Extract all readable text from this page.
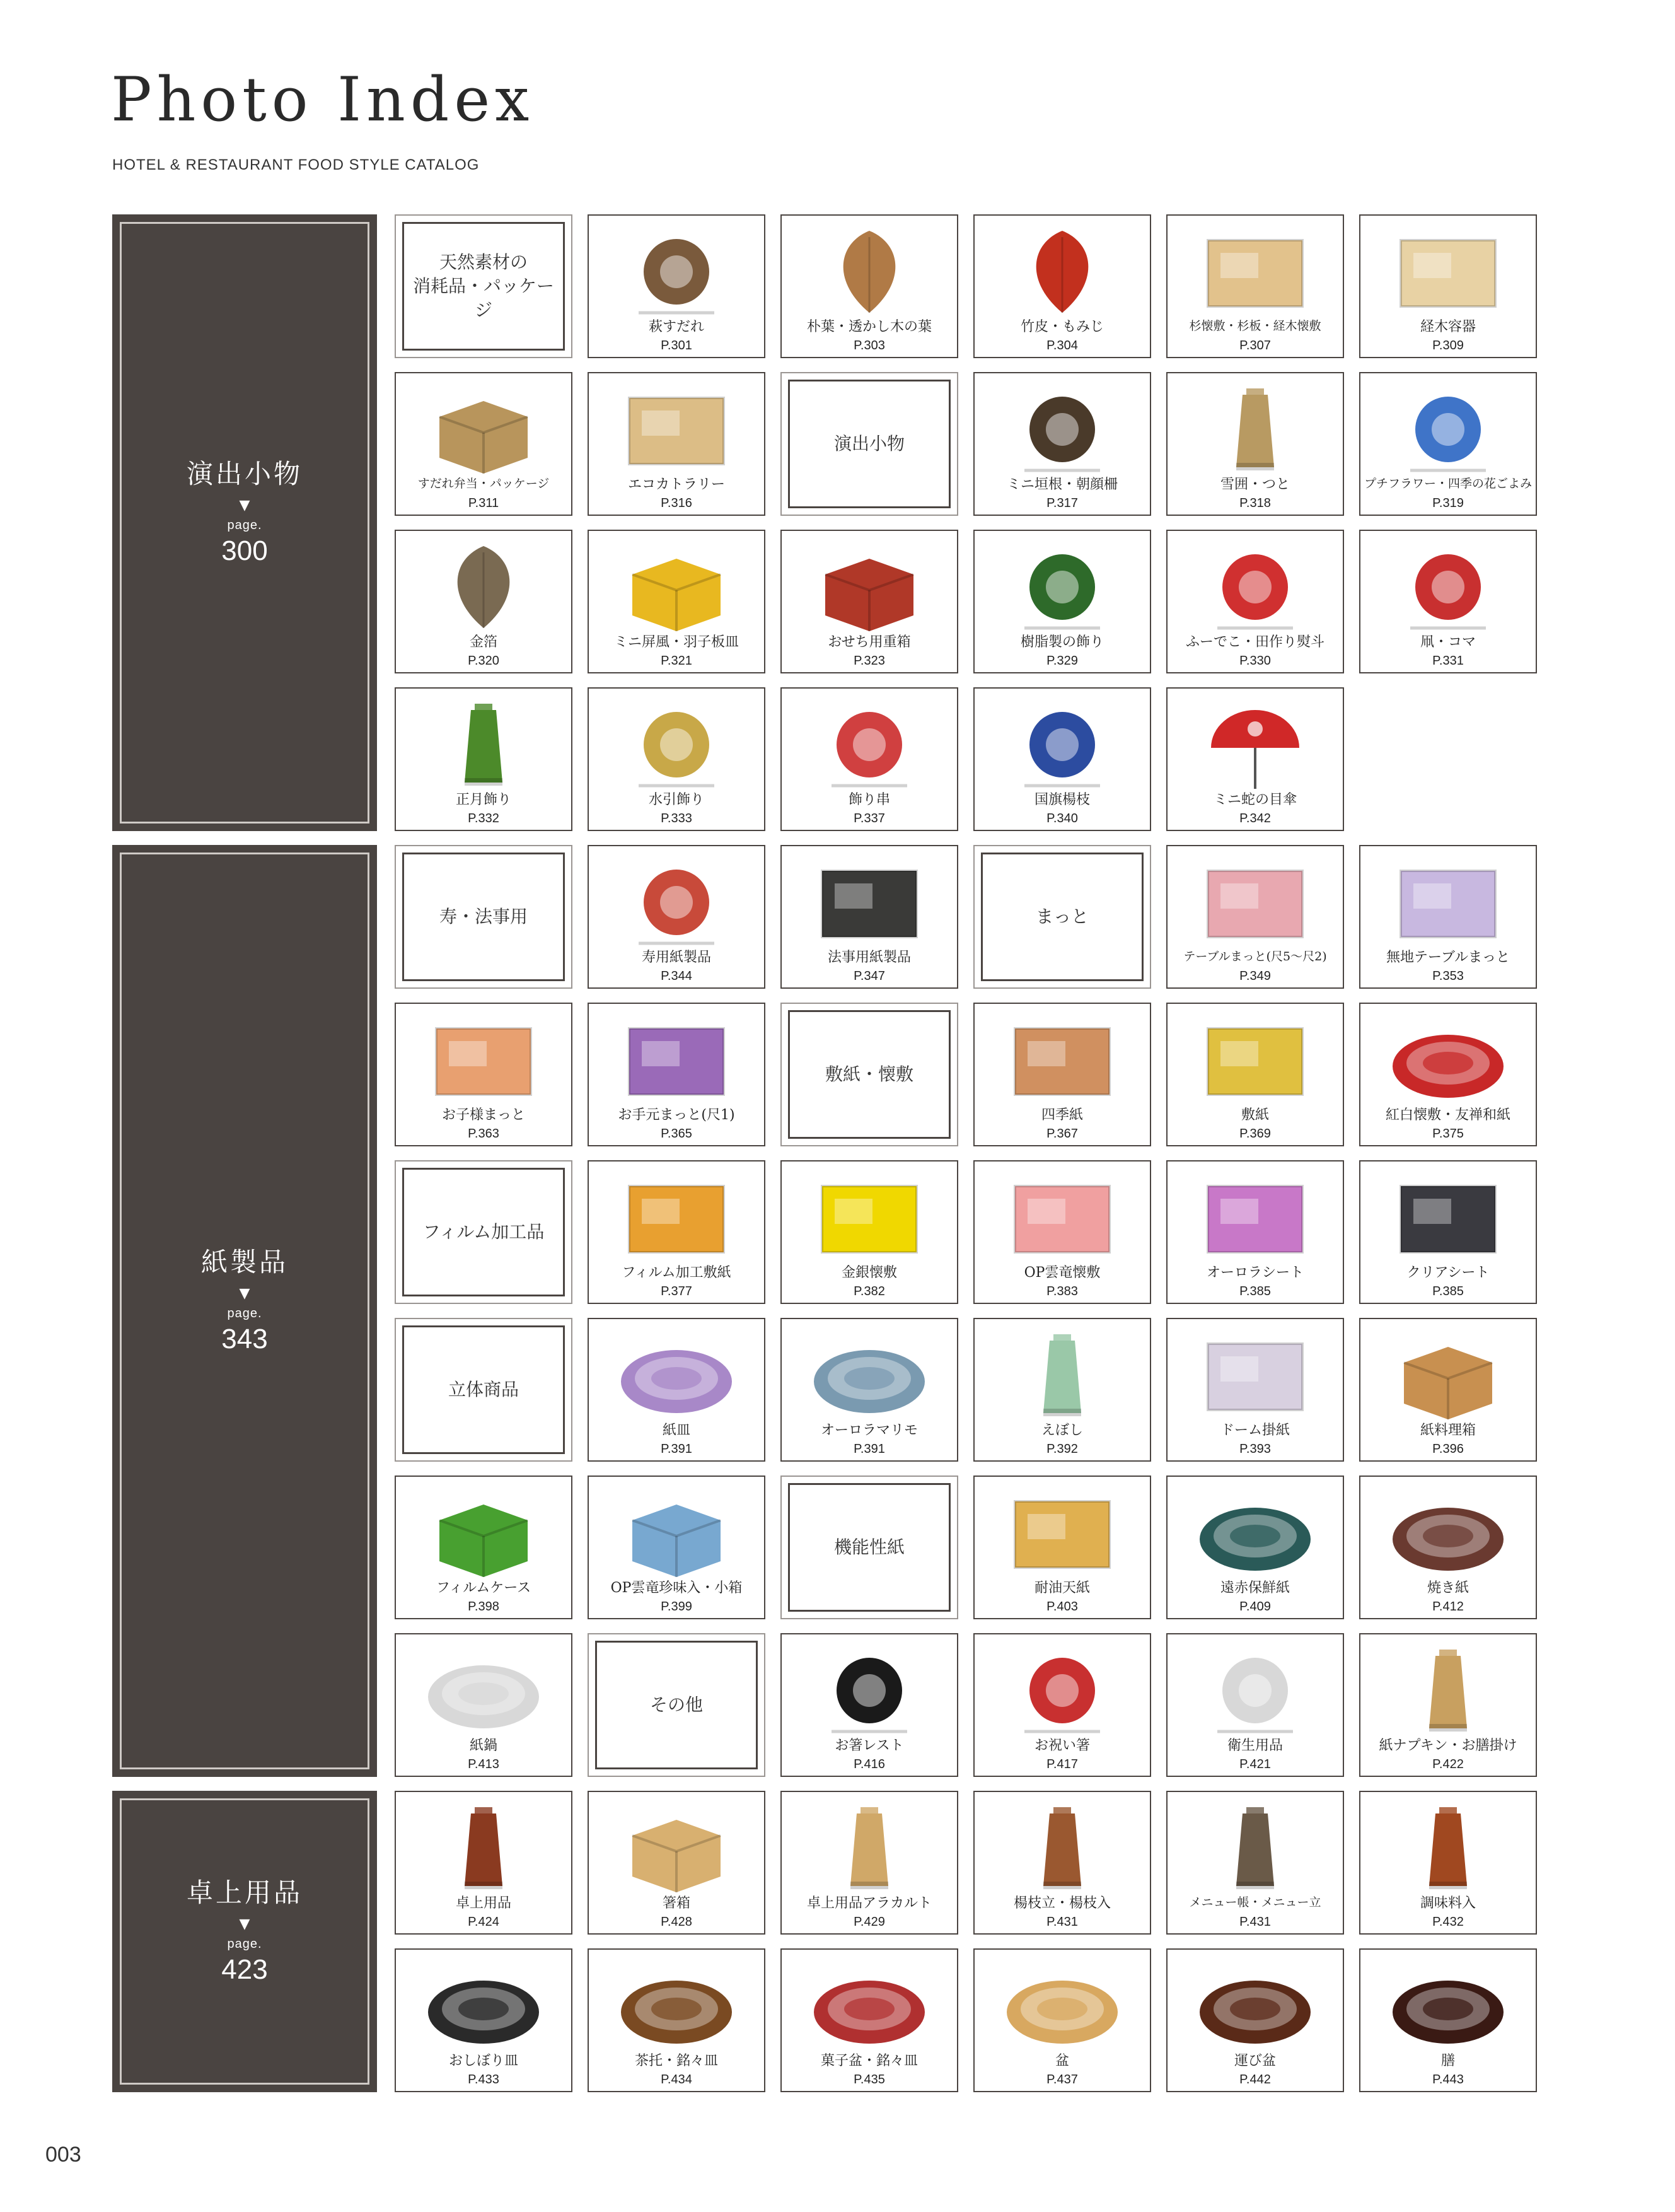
Photo Index
HOTEL & RESTAURANT FOOD STYLE CATALOG
演出小物
▼
page.
300
天然素材の
消耗品・パッケージ
萩すだれ
P.301
朴葉・透かし木の葉
P.303
竹皮・もみじ
P.304
杉懐敷・杉板・経木懐敷
P.307
経木容器
P.309
すだれ弁当・パッケージ
P.311
エコカトラリー
P.316
演出小物
ミニ垣根・朝顔柵
P.317
雪囲・つと
P.318
プチフラワー・四季の花ごよみ
P.319
金箔
P.320
ミニ屏風・羽子板皿
P.321
おせち用重箱
P.323
樹脂製の飾り
P.329
ふーでこ・田作り熨斗
P.330
凧・コマ
P.331
正月飾り
P.332
水引飾り
P.333
飾り串
P.337
国旗楊枝
P.340
ミニ蛇の目傘
P.342
紙製品
▼
page.
343
寿・法事用
寿用紙製品
P.344
法事用紙製品
P.347
まっと
テーブルまっと(尺5〜尺2)
P.349
無地テーブルまっと
P.353
お子様まっと
P.363
お手元まっと(尺1)
P.365
敷紙・懐敷
四季紙
P.367
敷紙
P.369
紅白懐敷・友禅和紙
P.375
フィルム加工品
フィルム加工敷紙
P.377
金銀懐敷
P.382
OP雲竜懐敷
P.383
オーロラシート
P.385
クリアシート
P.385
立体商品
紙皿
P.391
オーロラマリモ
P.391
えぼし
P.392
ドーム掛紙
P.393
紙料理箱
P.396
フィルムケース
P.398
OP雲竜珍味入・小箱
P.399
機能性紙
耐油天紙
P.403
遠赤保鮮紙
P.409
焼き紙
P.412
紙鍋
P.413
その他
お箸レスト
P.416
お祝い箸
P.417
衛生用品
P.421
紙ナプキン・お膳掛け
P.422
卓上用品
▼
page.
423
卓上用品
P.424
箸箱
P.428
卓上用品アラカルト
P.429
楊枝立・楊枝入
P.431
メニュー帳・メニュー立
P.431
調味料入
P.432
おしぼり皿
P.433
茶托・銘々皿
P.434
菓子盆・銘々皿
P.435
盆
P.437
運び盆
P.442
膳
P.443
003
